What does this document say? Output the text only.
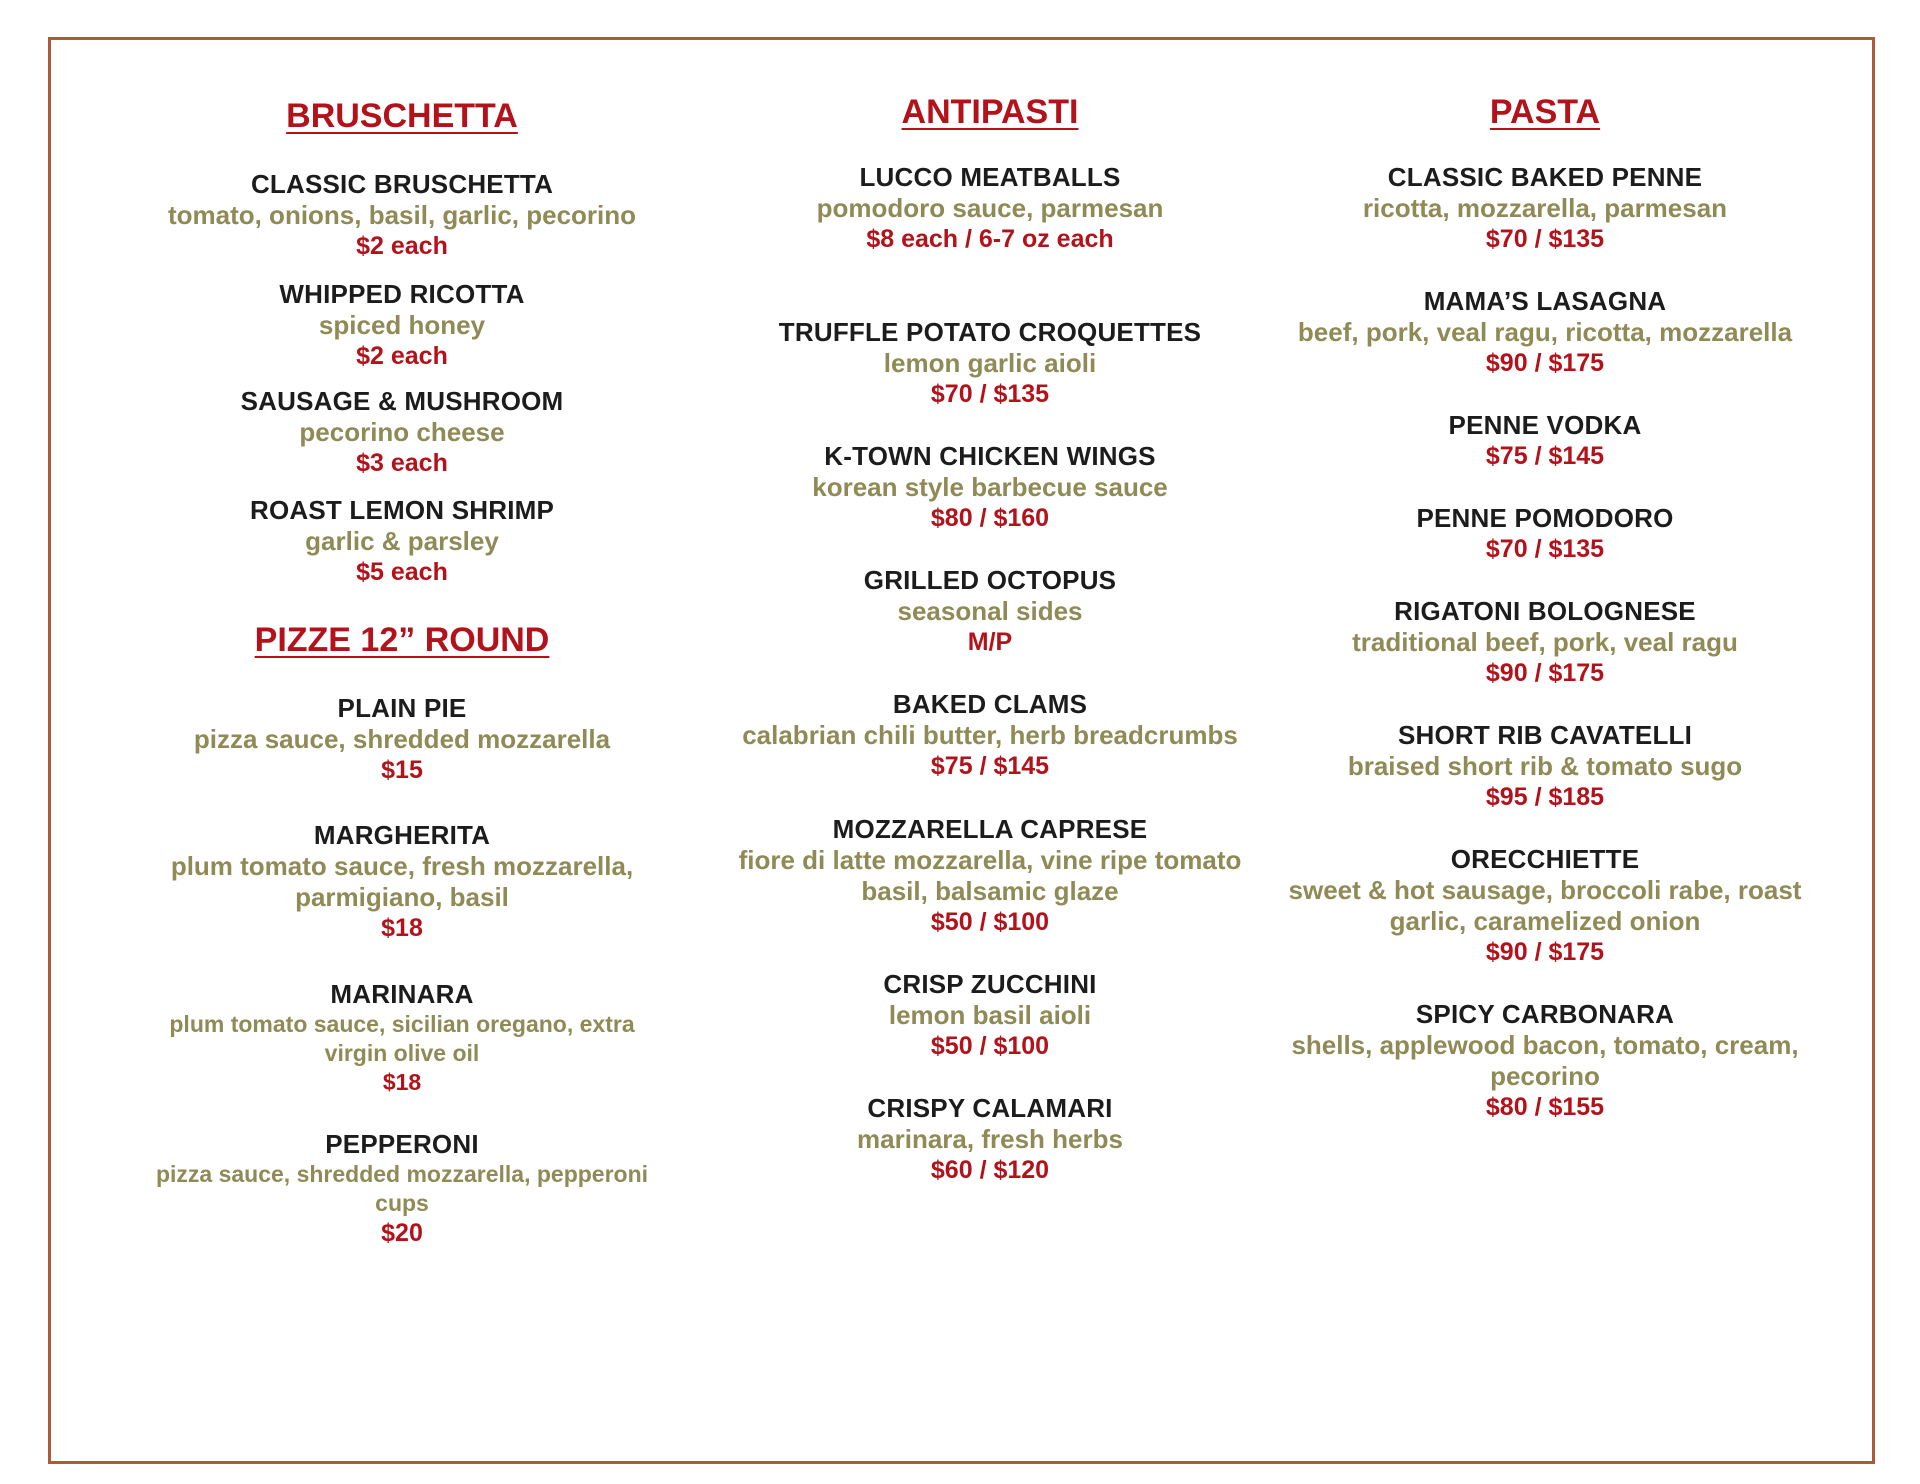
BRUSCHETTA
CLASSIC BRUSCHETTA
tomato, onions, basil, garlic, pecorino
$2 each
WHIPPED RICOTTA
spiced honey
$2 each
SAUSAGE & MUSHROOM
pecorino cheese
$3 each
ROAST LEMON SHRIMP
garlic & parsley
$5 each
PIZZE 12” ROUND
PLAIN PIE
pizza sauce, shredded mozzarella
$15
MARGHERITA
plum tomato sauce, fresh mozzarella,
parmigiano, basil
$18
MARINARA
plum tomato sauce, sicilian oregano, extra
virgin olive oil
$18
PEPPERONI
pizza sauce, shredded mozzarella, pepperoni
cups
$20
ANTIPASTI
LUCCO MEATBALLS
pomodoro sauce, parmesan
$8 each / 6-7 oz each
TRUFFLE POTATO CROQUETTES
lemon garlic aioli
$70 / $135
K-TOWN CHICKEN WINGS
korean style barbecue sauce
$80 / $160
GRILLED OCTOPUS
seasonal sides
M/P
BAKED CLAMS
calabrian chili butter, herb breadcrumbs
$75 / $145
MOZZARELLA CAPRESE
fiore di latte mozzarella, vine ripe tomato
basil, balsamic glaze
$50 / $100
CRISP ZUCCHINI
lemon basil aioli
$50 / $100
CRISPY CALAMARI
marinara, fresh herbs
$60 / $120
PASTA
CLASSIC BAKED PENNE
ricotta, mozzarella, parmesan
$70 / $135
MAMA’S LASAGNA
beef, pork, veal ragu, ricotta, mozzarella
$90 / $175
PENNE VODKA
$75 / $145
PENNE POMODORO
$70 / $135
RIGATONI BOLOGNESE
traditional beef, pork, veal ragu
$90 / $175
SHORT RIB CAVATELLI
braised short rib & tomato sugo
$95 / $185
ORECCHIETTE
sweet & hot sausage, broccoli rabe, roast
garlic, caramelized onion
$90 / $175
SPICY CARBONARA
shells, applewood bacon, tomato, cream,
pecorino
$80 / $155
